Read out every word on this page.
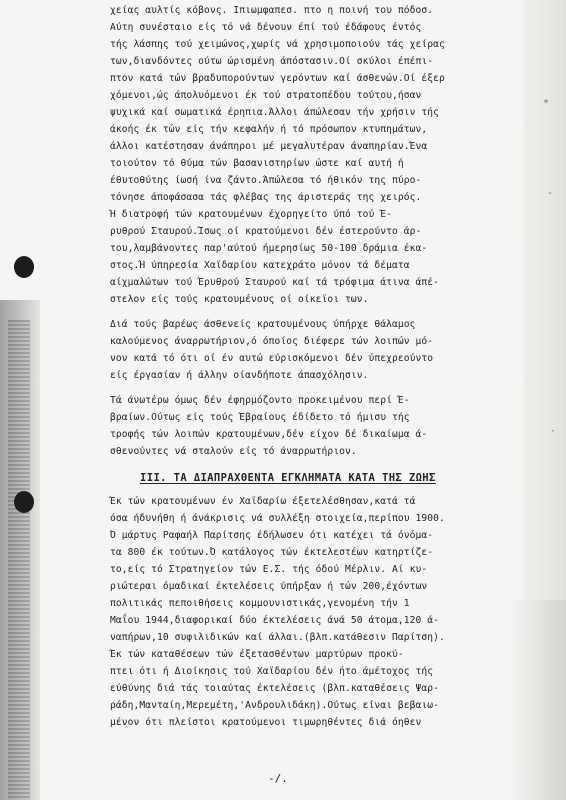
*
-
·
χείας αυλτίς κόβονς. Ιπιωμφαπεσ. πτο η ποινή του πόδοσ.
Αύτη συνέσταιο είς τό νά δένουν έπί τού έδάφους έντός
τής λάσπης τού χειμώνος,χωρίς νά χρησιμοποιούν τάς χείρας
των,διανδόντες ούτω ώρισμένη άπόστασιν.Οί σκύλοι έπέπι-
πτον κατά τών βραδυπορούντων γερόντων καί άσθενών.Οί έξερ
χόμενοι,ώς άπολυόμενοι έκ τού στρατοπέδου τούτου,ήσαν
ψυχικά καί σωματικά έρηπια.Άλλοι άπώλεσαν τήν χρήσιν τής
άκοής έκ τών είς τήν κεφαλήν ή τό πρόσωπον κτυπημάτων,
άλλοι κατέστησαν άνάπηροι μέ μεγαλυτέραν άναπηρίαν.Ένα
τοιούτον τό θύμα τών βασανιστηρίων ώστε καί αυτή ή
έθυτοθύτης ίωσή ίνα ζάντο.Άπώλεσα τό ήθικόν της πύρο-
τόνησε άποφάσασα τάς φλέβας της άριστεράς της χειρός.
Ή διατροφή τών κρατουμένων έχορηγείτο ύπό τού Έ-
ρυθρού Σταυρού.Ίσως οί κρατούμενοι δέν έστερούντο άρ-
του,λαμβάνοντες παρ'αύτού ήμερησίως 50-100 δράμια έκα-
στος.Ή ύπηρεσία Χαϊδαρίου κατεχράτο μόνον τά δέματα
αίχμαλώτων τού Έρυθρού Σταυρού καί τά τρόφιμα άτινα άπέ-
στελον είς τούς κρατουμένους οί οίκεϊοι των.
Διά τούς βαρέως άσθενείς κρατουμένους ύπήρχε θάλαμος
καλούμενος άναρρωτήριον,ό όποίος διέφερε τών λοιπών μό-
νον κατά τό ότι οί έν αυτώ εύρισκόμενοι δέν ύπεχρεούντο
είς έργασίαν ή άλλην οίανδήποτε άπασχόλησιν.
Τά άνωτέρω όμως δέν έφηρμόζοντο προκειμένου περί Έ-
βραίων.Ούτως είς τούς Έβραίους έδίδετο τό ήμισυ τής
τροφής τών λοιπών κρατουμένων,δέν είχον δέ δικαίωμα ά-
σθενούντες νά σταλούν είς τό άναρρωτήριον.
III. ΤΑ ΔΙΑΠΡΑΧΘΕΝΤΑ ΕΓΚΛΗΜΑΤΑ ΚΑΤΑ ΤΗΣ ΖΩΗΣ
Έκ τών κρατουμένων έν Χαϊδαρίω έξετελέσθησαν,κατά τά
όσα ήδυνήθη ή άνάκρισις νά συλλέξη στοιχεία,περίπου 1900.
Ό μάρτυς Ραφαήλ Παρίτσης έδήλωσεν ότι κατέχει τά όνόμα-
τα 800 έκ τούτων.Ό κατάλογος τών έκτελεστέων κατηρτίζε-
το,είς τό Στρατηγείον τών Ε.Σ. τής όδού Μέρλιν. Αί κυ-
ριώτεραι όμαδικαί έκτελέσεις ύπήρξαν ή τών 200,έχόντων
πολιτικάς πεποιθήσεις κομμουνιστικάς,γενομένη τήν 1
Μαΐου 1944,διαφορικαί δύο έκτελέσεις άνά 50 άτομα,120 ά-
ναπήρων,10 συφιλιδικών καί άλλαι.(βλπ.κατάθεσιν Παρίτση).
Έκ τών καταθέσεων τών έξετασθέντων μαρτύρων προκύ-
πτει ότι ή Διοίκησις τού Χαϊδαρίου δέν ήτο άμέτοχος τής
εύθύνης διά τάς τοιαύτας έκτελέσεις (βλπ.καταθέσεις Ψαρ-
ράδη,Μανταίη,Μερεμέτη,'Ανδρουλιδάκη).Ούτως είναι βεβαιω-
μένον ότι πλείστοι κρατούμενοι τιμωρηθέντες διά όηθεν
-/.
